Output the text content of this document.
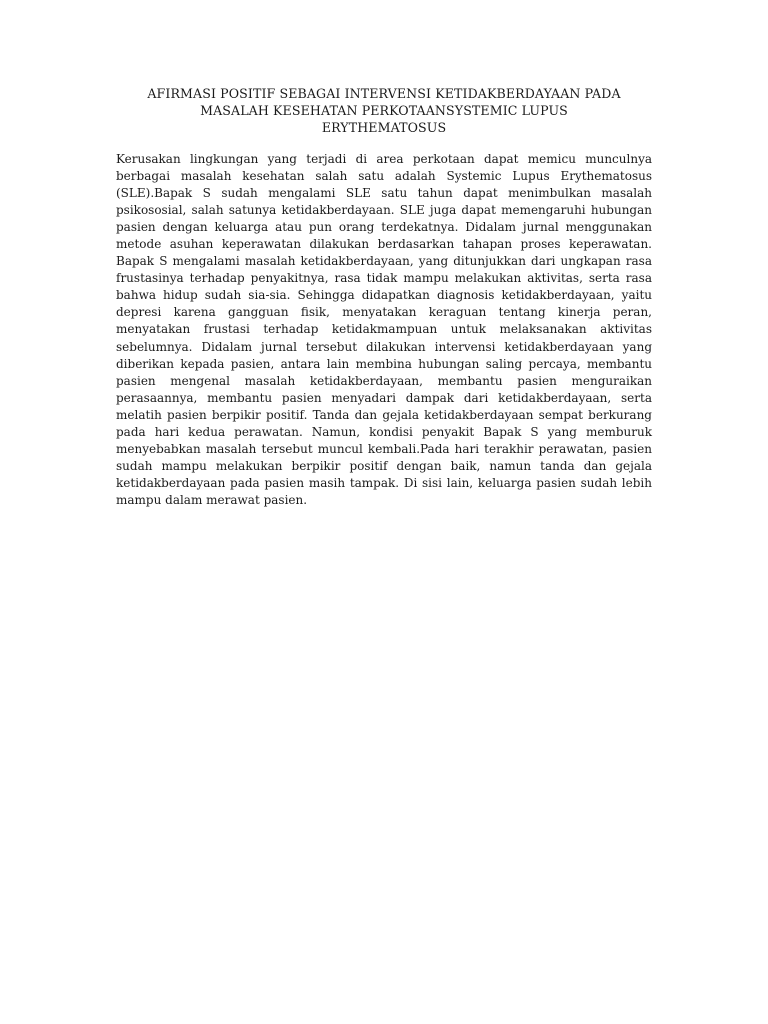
AFIRMASI POSITIF SEBAGAI INTERVENSI KETIDAKBERDAYAAN PADA
MASALAH KESEHATAN PERKOTAANSYSTEMIC LUPUS
ERYTHEMATOSUS

Kerusakan lingkungan yang terjadi di area perkotaan dapat memicu munculnya berbagai masalah kesehatan salah satu adalah Systemic Lupus Erythematosus (SLE).Bapak S sudah mengalami SLE satu tahun dapat menimbulkan masalah psikososial, salah satunya ketidakberdayaan. SLE juga dapat memengaruhi hubungan pasien dengan keluarga atau pun orang terdekatnya. Didalam jurnal menggunakan metode asuhan keperawatan dilakukan berdasarkan tahapan proses keperawatan. Bapak S mengalami masalah ketidakberdayaan, yang ditunjukkan dari ungkapan rasa frustasinya terhadap penyakitnya, rasa tidak mampu melakukan aktivitas, serta rasa bahwa hidup sudah sia-sia. Sehingga didapatkan diagnosis ketidakberdayaan, yaitu depresi karena gangguan fisik, menyatakan keraguan tentang kinerja peran, menyatakan frustasi terhadap ketidakmampuan untuk melaksanakan aktivitas sebelumnya. Didalam jurnal tersebut dilakukan intervensi ketidakberdayaan yang diberikan kepada pasien, antara lain membina hubungan saling percaya, membantu pasien mengenal masalah ketidakberdayaan, membantu pasien menguraikan perasaannya, membantu pasien menyadari dampak dari ketidakberdayaan, serta melatih pasien berpikir positif. Tanda dan gejala ketidakberdayaan sempat berkurang pada hari kedua perawatan. Namun, kondisi penyakit Bapak S yang memburuk menyebabkan masalah tersebut muncul kembali.Pada hari terakhir perawatan, pasien sudah mampu melakukan berpikir positif dengan baik, namun tanda dan gejala ketidakberdayaan pada pasien masih tampak. Di sisi lain, keluarga pasien sudah lebih mampu dalam merawat pasien.
